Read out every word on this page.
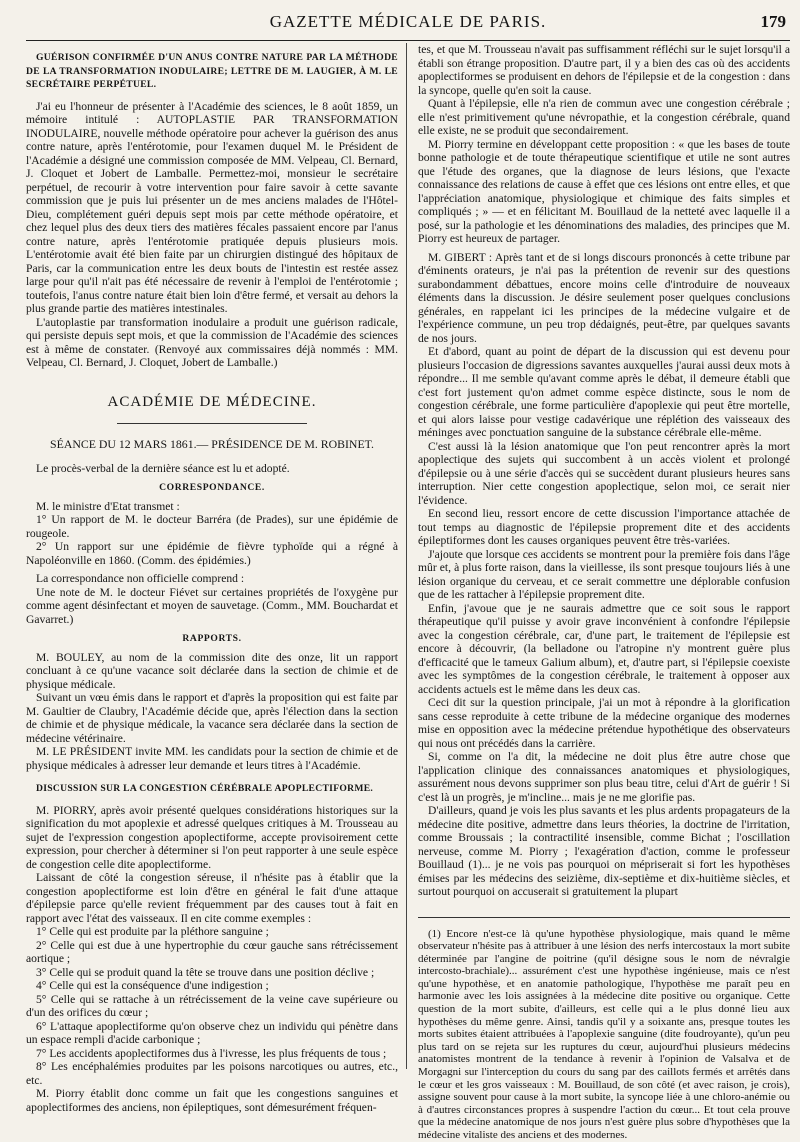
GAZETTE MÉDICALE DE PARIS.	179

GUÉRISON CONFIRMÉE D'UN ANUS CONTRE NATURE PAR LA MÉTHODE DE LA TRANSFORMATION INODULAIRE; LETTRE DE M. LAUGIER, À M. LE SECRÉTAIRE PERPÉTUEL.

J'ai eu l'honneur de présenter à l'Académie des sciences, le 8 août 1859, un mémoire intitulé : AUTOPLASTIE PAR TRANSFORMATION INODULAIRE, nouvelle méthode opératoire pour achever la guérison des anus contre nature, après l'entérotomie, pour l'examen duquel M. le Président de l'Académie a désigné une commission composée de MM. Velpeau, Cl. Bernard, J. Cloquet et Jobert de Lamballe. Permettez-moi, monsieur le secrétaire perpétuel, de recourir à votre intervention pour faire savoir à cette savante commission que je puis lui présenter un de mes anciens malades de l'Hôtel-Dieu, complétement guéri depuis sept mois par cette méthode opératoire, et chez lequel plus des deux tiers des matières fécales passaient encore par l'anus contre nature, après l'entérotomie pratiquée depuis plusieurs mois. L'entérotomie avait été bien faite par un chirurgien distingué des hôpitaux de Paris, car la communication entre les deux bouts de l'intestin est restée assez large pour qu'il n'ait pas été nécessaire de revenir à l'emploi de l'entérotomie ; toutefois, l'anus contre nature était bien loin d'être fermé, et versait au dehors la plus grande partie des matières intestinales.

L'autoplastie par transformation inodulaire a produit une guérison radicale, qui persiste depuis sept mois, et que la commission de l'Académie des sciences est à même de constater. (Renvoyé aux commissaires déjà nommés : MM. Velpeau, Cl. Bernard, J. Cloquet, Jobert de Lamballe.)

ACADÉMIE DE MÉDECINE.
SÉANCE DU 12 MARS 1861.— PRÉSIDENCE DE M. ROBINET.

Le procès-verbal de la dernière séance est lu et adopté.

CORRESPONDANCE.

M. le ministre d'Etat transmet :

1° Un rapport de M. le docteur Barréra (de Prades), sur une épidémie de rougeole.

2° Un rapport sur une épidémie de fièvre typhoïde qui a régné à Napoléonville en 1860. (Comm. des épidémies.)

La correspondance non officielle comprend :

Une note de M. le docteur Fiévet sur certaines propriétés de l'oxygène pur comme agent désinfectant et moyen de sauvetage. (Comm., MM. Bouchardat et Gavarret.)

RAPPORTS.

M. BOULEY, au nom de la commission dite des onze, lit un rapport concluant à ce qu'une vacance soit déclarée dans la section de chimie et de physique médicale.

Suivant un vœu émis dans le rapport et d'après la proposition qui est faite par M. Gaultier de Claubry, l'Académie décide que, après l'élection dans la section de chimie et de physique médicale, la vacance sera déclarée dans la section de médecine vétérinaire.

M. LE PRÉSIDENT invite MM. les candidats pour la section de chimie et de physique médicales à adresser leur demande et leurs titres à l'Académie.

DISCUSSION SUR LA CONGESTION CÉRÉBRALE APOPLECTIFORME.

M. PIORRY, après avoir présenté quelques considérations historiques sur la signification du mot apoplexie et adressé quelques critiques à M. Trousseau au sujet de l'expression congestion apoplectiforme, accepte provisoirement cette expression, pour chercher à déterminer si l'on peut rapporter à une seule espèce de congestion celle dite apoplectiforme.

Laissant de côté la congestion séreuse, il n'hésite pas à établir que la congestion apoplectiforme est loin d'être en général le fait d'une attaque d'épilepsie parce qu'elle revient fréquemment par des causes tout à fait en rapport avec l'état des vaisseaux. Il en cite comme exemples :

1° Celle qui est produite par la pléthore sanguine ;

2° Celle qui est due à une hypertrophie du cœur gauche sans rétrécissement aortique ;

3° Celle qui se produit quand la tête se trouve dans une position déclive ;

4° Celle qui est la conséquence d'une indigestion ;

5° Celle qui se rattache à un rétrécissement de la veine cave supérieure ou d'un des orifices du cœur ;

6° L'attaque apoplectiforme qu'on observe chez un individu qui pénètre dans un espace rempli d'acide carbonique ;

7° Les accidents apoplectiformes dus à l'ivresse, les plus fréquents de tous ;

8° Les encéphalémies produites par les poisons narcotiques ou autres, etc., etc.

M. Piorry établit donc comme un fait que les congestions sanguines et apoplectiformes des anciens, non épileptiques, sont démesurément fréquen-

tes, et que M. Trousseau n'avait pas suffisamment réfléchi sur le sujet lorsqu'il a établi son étrange proposition. D'autre part, il y a bien des cas où des accidents apoplectiformes se produisent en dehors de l'épilepsie et de la congestion : dans la syncope, quelle qu'en soit la cause.

Quant à l'épilepsie, elle n'a rien de commun avec une congestion cérébrale ; elle n'est primitivement qu'une névropathie, et la congestion cérébrale, quand elle existe, ne se produit que secondairement.

M. Piorry termine en développant cette proposition : « que les bases de toute bonne pathologie et de toute thérapeutique scientifique et utile ne sont autres que l'étude des organes, que la diagnose de leurs lésions, que l'exacte connaissance des relations de cause à effet que ces lésions ont entre elles, et que l'appréciation anatomique, physiologique et chimique des faits simples et compliqués ; » — et en félicitant M. Bouillaud de la netteté avec laquelle il a posé, sur la pathologie et les dénominations des maladies, des principes que M. Piorry est heureux de partager.

M. GIBERT : Après tant et de si longs discours prononcés à cette tribune par d'éminents orateurs, je n'ai pas la prétention de revenir sur des questions surabondamment débattues, encore moins celle d'introduire de nouveaux éléments dans la discussion. Je désire seulement poser quelques conclusions générales, en rappelant ici les principes de la médecine vulgaire et de l'expérience commune, un peu trop dédaignés, peut-être, par quelques savants de nos jours.

Et d'abord, quant au point de départ de la discussion qui est devenu pour plusieurs l'occasion de digressions savantes auxquelles j'aurai aussi deux mots à répondre... Il me semble qu'avant comme après le débat, il demeure établi que c'est fort justement qu'on admet comme espèce distincte, sous le nom de congestion cérébrale, une forme particulière d'apoplexie qui peut être mortelle, et qui alors laisse pour vestige cadavérique une réplétion des vaisseaux des méninges avec ponctuation sanguine de la substance cérébrale elle-même.

C'est aussi là la lésion anatomique que l'on peut rencontrer après la mort apoplectique des sujets qui succombent à un accès violent et prolongé d'épilepsie ou à une série d'accès qui se succèdent durant plusieurs heures sans interruption. Nier cette congestion apoplectique, selon moi, ce serait nier l'évidence.

En second lieu, ressort encore de cette discussion l'importance attachée de tout temps au diagnostic de l'épilepsie proprement dite et des accidents épileptiformes dont les causes organiques peuvent être très-variées.

J'ajoute que lorsque ces accidents se montrent pour la première fois dans l'âge mûr et, à plus forte raison, dans la vieillesse, ils sont presque toujours liés à une lésion organique du cerveau, et ce serait commettre une déplorable confusion que de les rattacher à l'épilepsie proprement dite.

Enfin, j'avoue que je ne saurais admettre que ce soit sous le rapport thérapeutique qu'il puisse y avoir grave inconvénient à confondre l'épilepsie avec la congestion cérébrale, car, d'une part, le traitement de l'épilepsie est encore à découvrir, (la belladone ou l'atropine n'y montrent guère plus d'efficacité que le tameux Galium album), et, d'autre part, si l'épilepsie coexiste avec les symptômes de la congestion cérébrale, le traitement à opposer aux accidents actuels est le même dans les deux cas.

Ceci dit sur la question principale, j'ai un mot à répondre à la glorification sans cesse reproduite à cette tribune de la médecine organique des modernes mise en opposition avec la médecine prétendue hypothétique des observateurs qui nous ont précédés dans la carrière.

Si, comme on l'a dit, la médecine ne doit plus être autre chose que l'application clinique des connaissances anatomiques et physiologiques, assurément nous devons supprimer son plus beau titre, celui d'Art de guérir ! Si c'est là un progrès, je m'incline... mais je ne me glorifie pas.

D'ailleurs, quand je vois les plus savants et les plus ardents propagateurs de la médecine dite positive, admettre dans leurs théories, la doctrine de l'irritation, comme Broussais ; la contractilité insensible, comme Bichat ; l'oscillation nerveuse, comme M. Piorry ; l'exagération d'action, comme le professeur Bouillaud (1)... je ne vois pas pourquoi on mépriserait si fort les hypothèses émises par les médecins des seizième, dix-septième et dix-huitième siècles, et surtout pourquoi on accuserait si gratuitement la plupart

(1) Encore n'est-ce là qu'une hypothèse physiologique, mais quand le même observateur n'hésite pas à attribuer à une lésion des nerfs intercostaux la mort subite déterminée par l'angine de poitrine (qu'il désigne sous le nom de névralgie intercosto-brachiale)... assurément c'est une hypothèse ingénieuse, mais ce n'est qu'une hypothèse, et en anatomie pathologique, l'hypothèse me paraît peu en harmonie avec les lois assignées à la médecine dite positive ou organique. Cette question de la mort subite, d'ailleurs, est celle qui a le plus donné lieu aux hypothèses du même genre. Ainsi, tandis qu'il y a soixante ans, presque toutes les morts subites étaient attribuées à l'apoplexie sanguine (dite foudroyante), qu'un peu plus tard on se rejeta sur les ruptures du cœur, aujourd'hui plusieurs médecins anatomistes montrent de la tendance à revenir à l'opinion de Valsalva et de Morgagni sur l'interception du cours du sang par des caillots fermés et arrêtés dans le cœur et les gros vaisseaux : M. Bouillaud, de son côté (et avec raison, je crois), assigne souvent pour cause à la mort subite, la syncope liée à une chloro-anémie ou à d'autres circonstances propres à suspendre l'action du cœur... Et tout cela prouve que la médecine anatomique de nos jours n'est guère plus sobre d'hypothèses que la médecine vitaliste des anciens et des modernes.
